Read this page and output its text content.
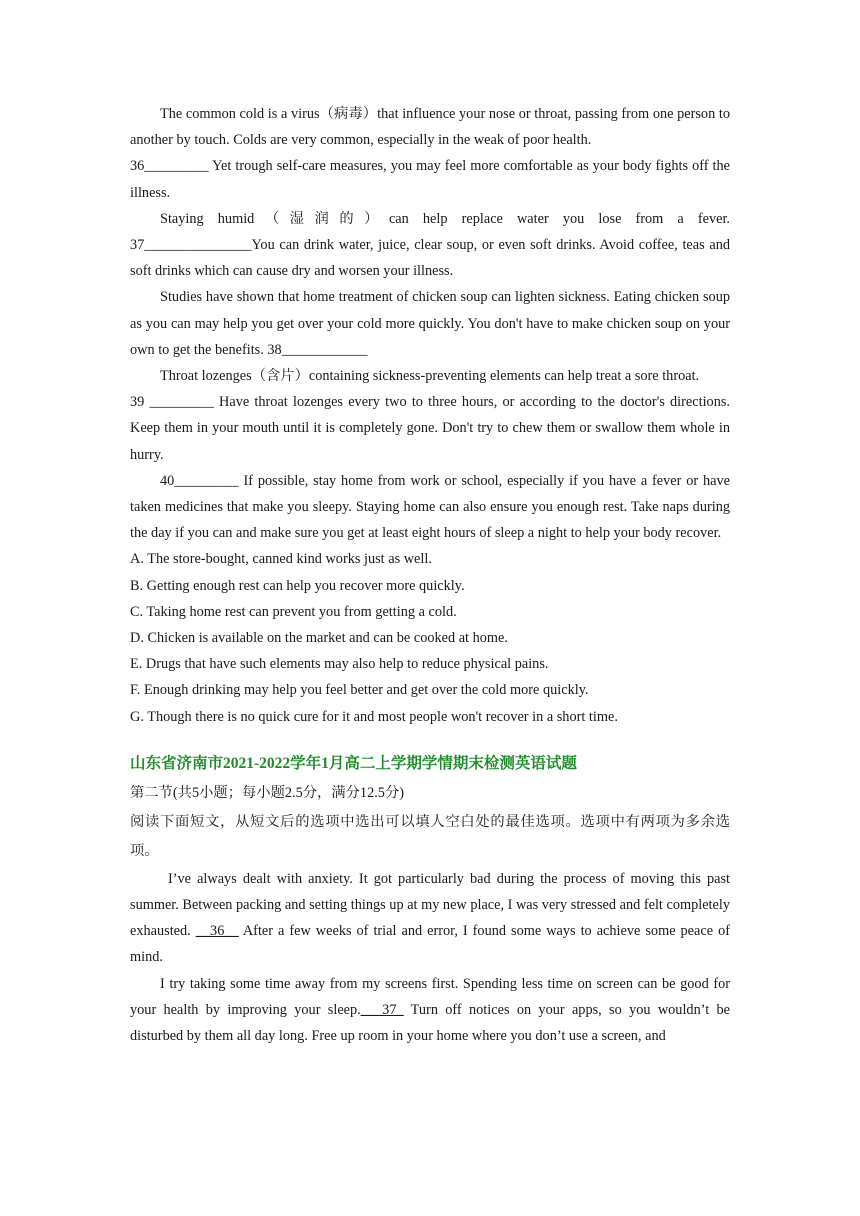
The common cold is a virus（病毒）that influence your nose or throat, passing from one person to another by touch. Colds are very common, especially in the weak of poor health.
36_________ Yet trough self-care measures, you may feel more comfortable as your body fights off the illness.

Staying humid（湿润的）can help replace water you lose from a fever.

37_______________You can drink water, juice, clear soup, or even soft drinks. Avoid coffee, teas and soft drinks which can cause dry and worsen your illness.

Studies have shown that home treatment of chicken soup can lighten sickness. Eating chicken soup as you can may help you get over your cold more quickly. You don't have to make chicken soup on your own to get the benefits. 38____________

Throat lozenges（含片）containing sickness-preventing elements can help treat a sore throat.
39 _________ Have throat lozenges every two to three hours, or according to the doctor's directions. Keep them in your mouth until it is completely gone. Don't try to chew them or swallow them whole in hurry.

40_________ If possible, stay home from work or school, especially if you have a fever or have taken medicines that make you sleepy. Staying home can also ensure you enough rest. Take naps during the day if you can and make sure you get at least eight hours of sleep a night to help your body recover.

A. The store-bought, canned kind works just as well.

B. Getting enough rest can help you recover more quickly.

C. Taking home rest can prevent you from getting a cold.

D. Chicken is available on the market and can be cooked at home.

E. Drugs that have such elements may also help to reduce physical pains.

F. Enough drinking may help you feel better and get over the cold more quickly.

G. Though there is no quick cure for it and most people won't recover in a short time.

山东省济南市2021-2022学年1月高二上学期学情期末检测英语试题

第二节(共5小题；每小题2.5分，满分12.5分)

阅读下面短文，从短文后的选项中选出可以填人空白处的最佳选项。选项中有两项为多余选项。

I’ve always dealt with anxiety. It got particularly bad during the process of moving this past summer. Between packing and setting things up at my new place, I was very stressed and felt completely exhausted. __36__ After a few weeks of trial and error, I found some ways to achieve some peace of mind.

I try taking some time away from my screens first. Spending less time on screen can be good for your health by improving your sleep.___37_ Turn off notices on your apps, so you wouldn’t be disturbed by them all day long. Free up room in your home where you don’t use a screen, and
